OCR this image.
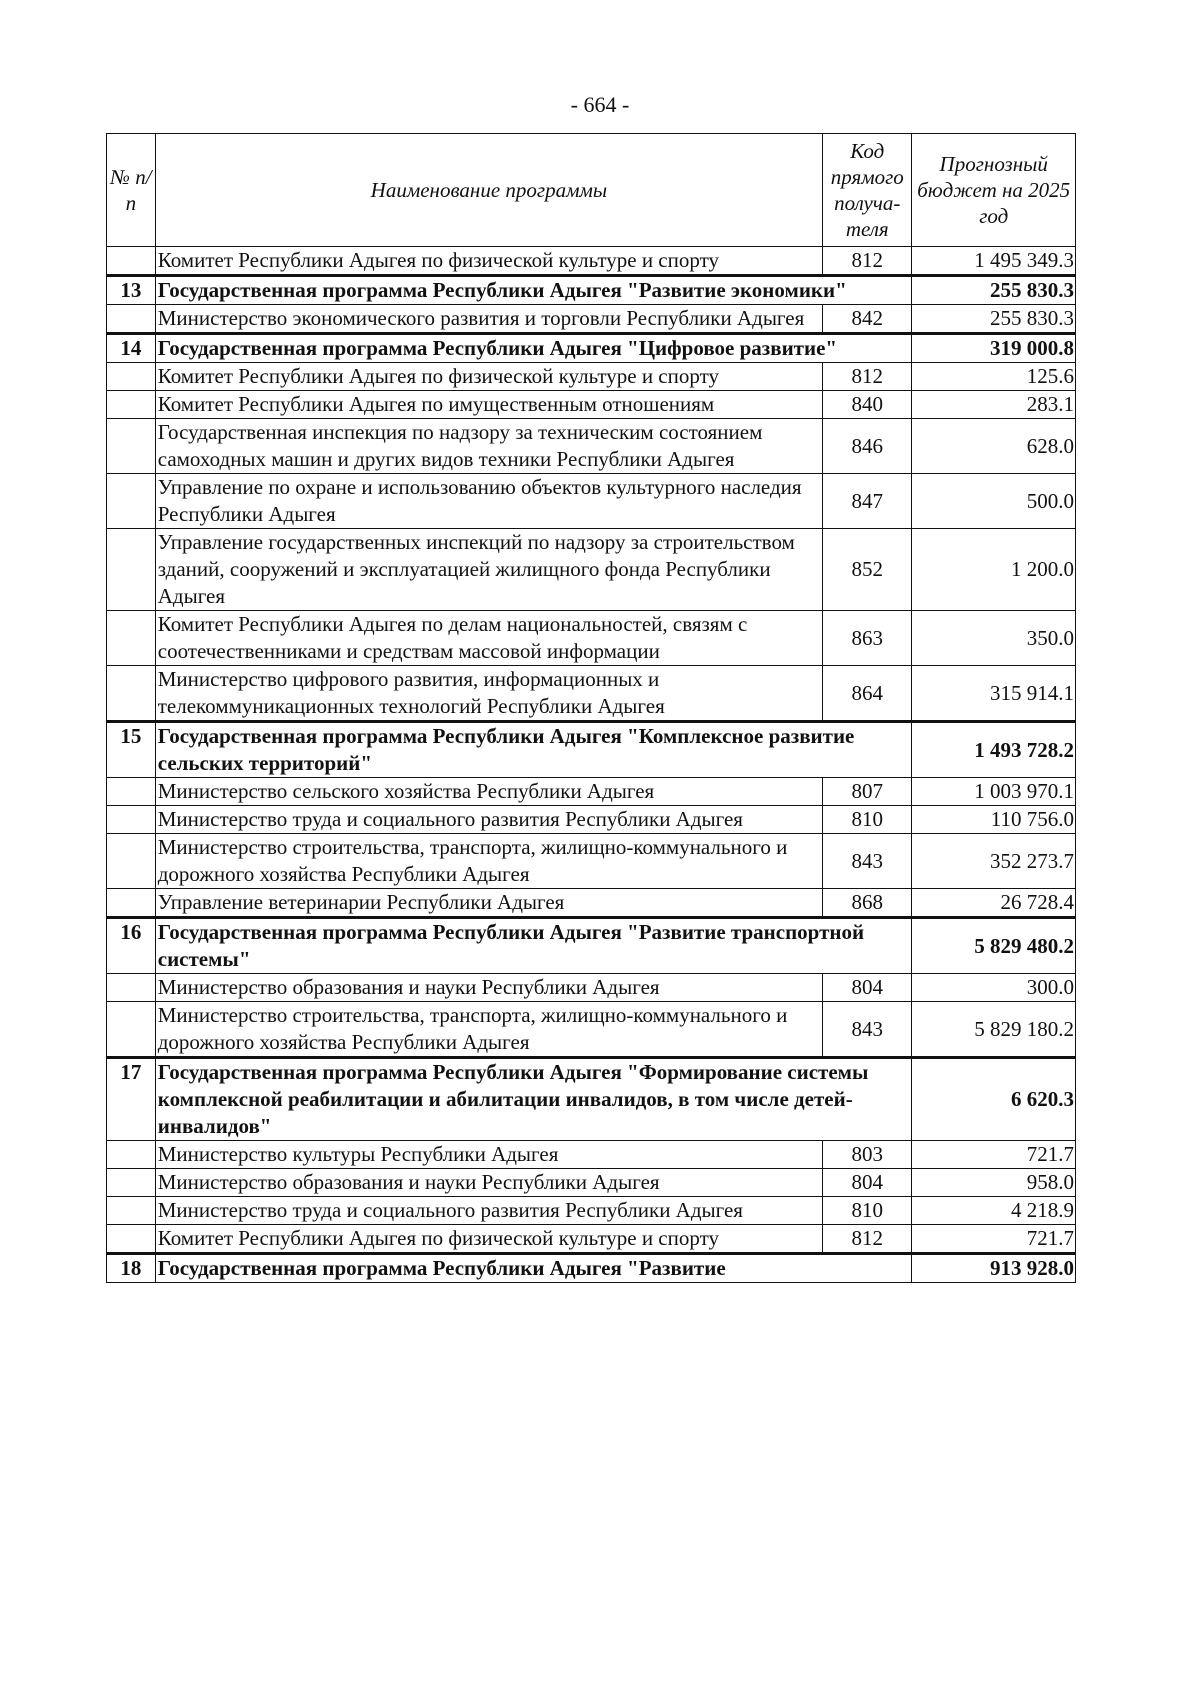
- 664 -
№ п/п	Наименование программы	Код прямого получа-теля	Прогнозный бюджет на 2025 год
	Комитет Республики Адыгея по физической культуре и спорту	812	1 495 349.3
13	Государственная программа Республики Адыгея "Развитие экономики"		255 830.3
	Министерство экономического развития и торговли Республики Адыгея	842	255 830.3
14	Государственная программа Республики Адыгея "Цифровое развитие"		319 000.8
	Комитет Республики Адыгея по физической культуре и спорту	812	125.6
	Комитет Республики Адыгея по имущественным отношениям	840	283.1
	Государственная инспекция по надзору за техническим состоянием самоходных машин и других видов техники Республики Адыгея	846	628.0
	Управление по охране и использованию объектов культурного наследия Республики Адыгея	847	500.0
	Управление государственных инспекций по надзору за строительством зданий, сооружений и эксплуатацией жилищного фонда Республики Адыгея	852	1 200.0
	Комитет Республики Адыгея по делам национальностей, связям с соотечественниками и средствам массовой информации	863	350.0
	Министерство цифрового развития, информационных и телекоммуникационных технологий Республики Адыгея	864	315 914.1
15	Государственная программа Республики Адыгея "Комплексное развитие сельских территорий"		1 493 728.2
	Министерство сельского хозяйства Республики Адыгея	807	1 003 970.1
	Министерство труда и социального развития Республики Адыгея	810	110 756.0
	Министерство строительства, транспорта, жилищно-коммунального и дорожного хозяйства Республики Адыгея	843	352 273.7
	Управление ветеринарии Республики Адыгея	868	26 728.4
16	Государственная программа Республики Адыгея "Развитие транспортной системы"		5 829 480.2
	Министерство образования и науки Республики Адыгея	804	300.0
	Министерство строительства, транспорта, жилищно-коммунального и дорожного хозяйства Республики Адыгея	843	5 829 180.2
17	Государственная программа Республики Адыгея "Формирование системы комплексной реабилитации и абилитации инвалидов, в том числе детей-инвалидов"		6 620.3
	Министерство культуры Республики Адыгея	803	721.7
	Министерство образования и науки Республики Адыгея	804	958.0
	Министерство труда и социального развития Республики Адыгея	810	4 218.9
	Комитет Республики Адыгея по физической культуре и спорту	812	721.7
18	Государственная программа Республики Адыгея "Развитие		913 928.0
